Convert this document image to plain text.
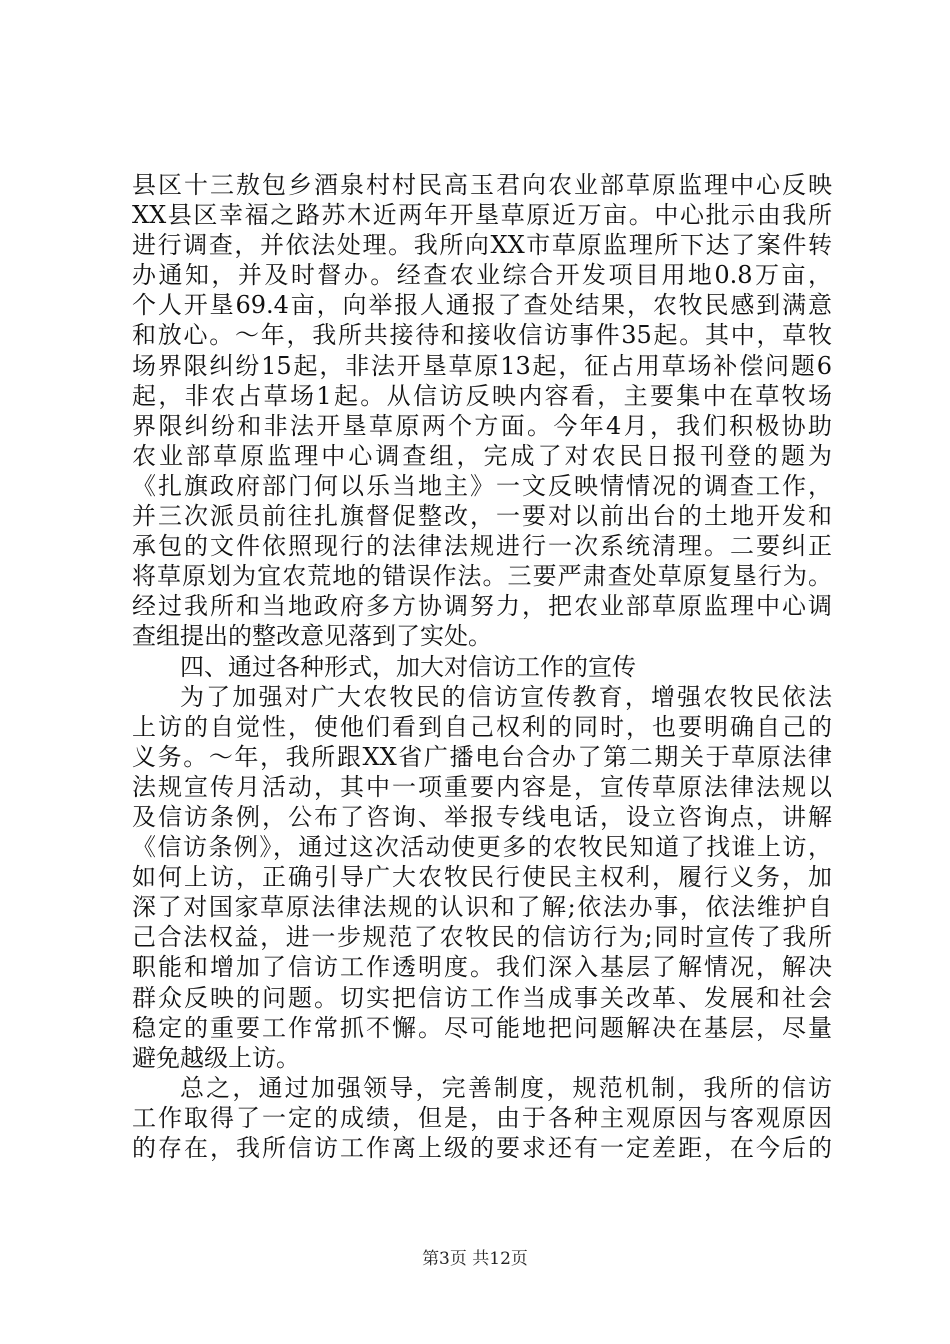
县区十三敖包乡酒泉村村民高玉君向农业部草原监理中心反映
XX县区幸福之路苏木近两年开垦草原近万亩。中心批示由我所
进行调查，并依法处理。我所向XX市草原监理所下达了案件转
办通知，并及时督办。经查农业综合开发项目用地0.8万亩，
个人开垦69.4亩，向举报人通报了查处结果，农牧民感到满意
和放心。～年，我所共接待和接收信访事件35起。其中，草牧
场界限纠纷15起，非法开垦草原13起，征占用草场补偿问题6
起，非农占草场1起。从信访反映内容看，主要集中在草牧场
界限纠纷和非法开垦草原两个方面。今年4月，我们积极协助
农业部草原监理中心调查组，完成了对农民日报刊登的题为
《扎旗政府部门何以乐当地主》一文反映情情况的调查工作，
并三次派员前往扎旗督促整改，一要对以前出台的土地开发和
承包的文件依照现行的法律法规进行一次系统清理。二要纠正
将草原划为宜农荒地的错误作法。三要严肃查处草原复垦行为。
经过我所和当地政府多方协调努力，把农业部草原监理中心调
查组提出的整改意见落到了实处。
四、通过各种形式，加大对信访工作的宣传
为了加强对广大农牧民的信访宣传教育，增强农牧民依法
上访的自觉性，使他们看到自己权利的同时，也要明确自己的
义务。～年，我所跟XX省广播电台合办了第二期关于草原法律
法规宣传月活动，其中一项重要内容是，宣传草原法律法规以
及信访条例，公布了咨询、举报专线电话，设立咨询点，讲解
《信访条例》，通过这次活动使更多的农牧民知道了找谁上访，
如何上访，正确引导广大农牧民行使民主权利，履行义务，加
深了对国家草原法律法规的认识和了解;依法办事，依法维护自
己合法权益，进一步规范了农牧民的信访行为;同时宣传了我所
职能和增加了信访工作透明度。我们深入基层了解情况，解决
群众反映的问题。切实把信访工作当成事关改革、发展和社会
稳定的重要工作常抓不懈。尽可能地把问题解决在基层，尽量
避免越级上访。
总之，通过加强领导，完善制度，规范机制，我所的信访
工作取得了一定的成绩，但是，由于各种主观原因与客观原因
的存在，我所信访工作离上级的要求还有一定差距，在今后的
第3页 共12页
